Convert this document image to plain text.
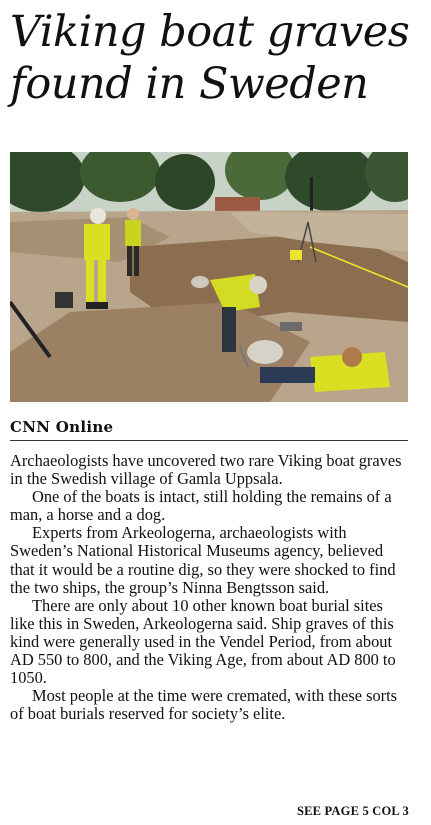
Viking boat graves
found in Sweden
CNN Online

Archaeologists have uncovered two rare Viking boat graves in the Swedish village of Gamla Uppsala.

One of the boats is intact, still holding the remains of a man, a horse and a dog.

Experts from Arkeologerna, archaeologists with Sweden’s National Historical Museums agency, believed that it would be a routine dig, so they were shocked to find the two ships, the group’s Ninna Bengtsson said.

There are only about 10 other known boat burial sites like this in Sweden, Arkeologerna said. Ship graves of this kind were generally used in the Vendel Period, from about AD 550 to 800, and the Viking Age, from about AD 800 to 1050.

Most people at the time were cremated, with these sorts of boat burials reserved for society’s elite.

SEE PAGE 5 COL 3
